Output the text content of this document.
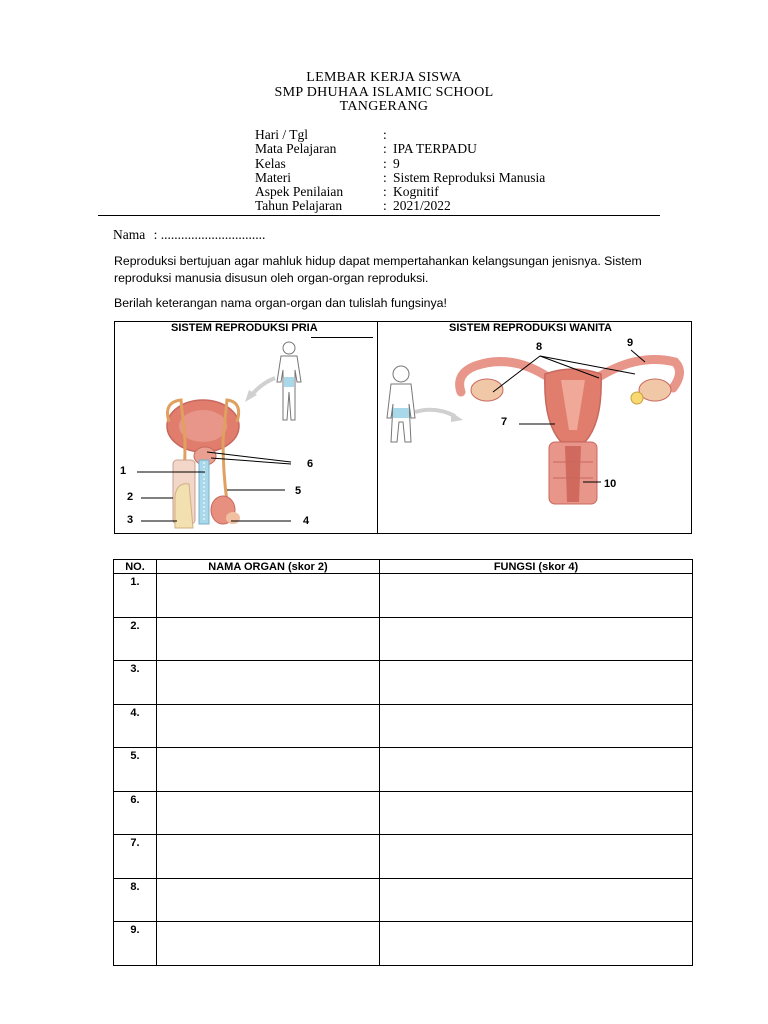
LEMBAR KERJA SISWA
SMP DHUHAA ISLAMIC SCHOOL
TANGERANG
Hari / Tgl	:
Mata Pelajaran	: IPA TERPADU
Kelas	: 9
Materi	: Sistem Reproduksi Manusia
Aspek Penilaian	: Kognitif
Tahun Pelajaran	: 2021/2022
Nama : ...............................
Reproduksi bertujuan agar mahluk hidup dapat mempertahankan kelangsungan jenisnya. Sistem reproduksi manusia disusun oleh organ-organ reproduksi.
Berilah keterangan nama organ-organ dan tulislah fungsinya!
SISTEM REPRODUKSI PRIA	SISTEM REPRODUKSI WANITA
1
2
3	4
5
6
8	9
7
10
NO.	NAMA ORGAN (skor 2)	FUNGSI (skor 4)
1.		
2.		
3.		
4.		
5.		
6.		
7.		
8.		
9.		
